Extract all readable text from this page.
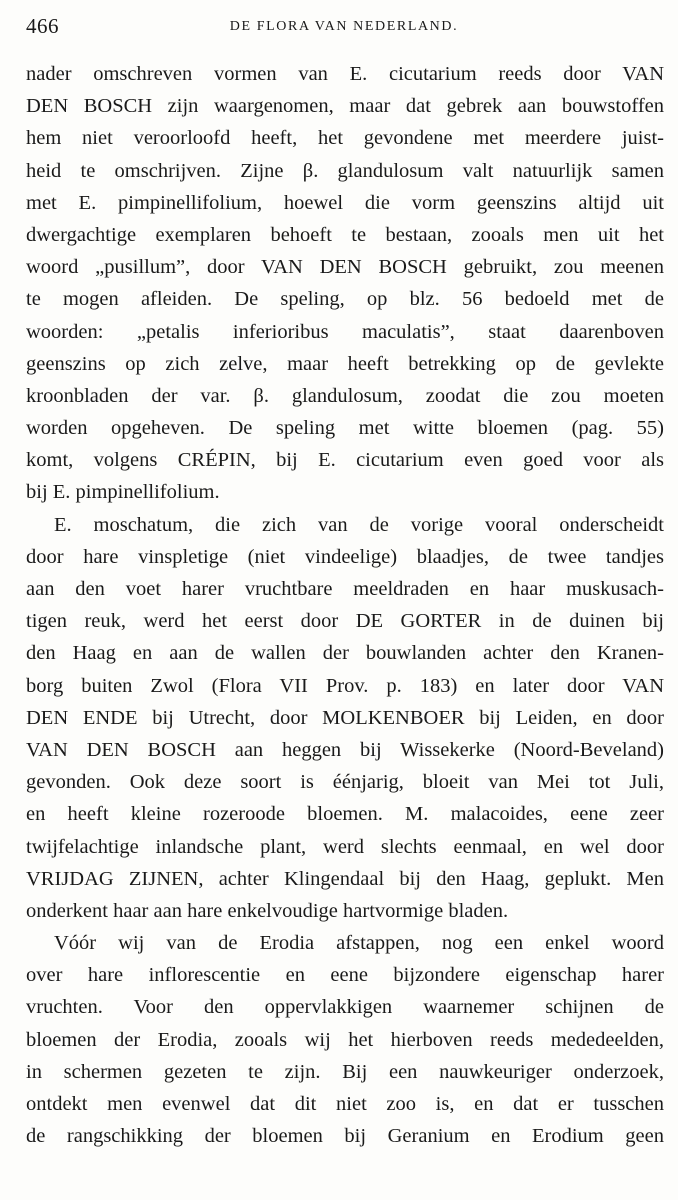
466	DE FLORA VAN NEDERLAND.
nader omschreven vormen van E. cicutarium reeds door VAN
DEN BOSCH zijn waargenomen, maar dat gebrek aan bouwstoffen
hem niet veroorloofd heeft, het gevondene met meerdere juist-
heid te omschrijven. Zijne β. glandulosum valt natuurlijk samen
met E. pimpinellifolium, hoewel die vorm geenszins altijd uit
dwergachtige exemplaren behoeft te bestaan, zooals men uit het
woord „pusillum”, door VAN DEN BOSCH gebruikt, zou meenen
te mogen afleiden. De speling, op blz. 56 bedoeld met de
woorden: „petalis inferioribus maculatis”, staat daarenboven
geenszins op zich zelve, maar heeft betrekking op de gevlekte
kroonbladen der var. β. glandulosum, zoodat die zou moeten
worden opgeheven. De speling met witte bloemen (pag. 55)
komt, volgens CRÉPIN, bij E. cicutarium even goed voor als
bij E. pimpinellifolium.
E. moschatum, die zich van de vorige vooral onderscheidt
door hare vinspletige (niet vindeelige) blaadjes, de twee tandjes
aan den voet harer vruchtbare meeldraden en haar muskusach-
tigen reuk, werd het eerst door DE GORTER in de duinen bij
den Haag en aan de wallen der bouwlanden achter den Kranen-
borg buiten Zwol (Flora VII Prov. p. 183) en later door VAN
DEN ENDE bij Utrecht, door MOLKENBOER bij Leiden, en door
VAN DEN BOSCH aan heggen bij Wissekerke (Noord-Beveland)
gevonden. Ook deze soort is éénjarig, bloeit van Mei tot Juli,
en heeft kleine rozeroode bloemen. M. malacoides, eene zeer
twijfelachtige inlandsche plant, werd slechts eenmaal, en wel door
VRIJDAG ZIJNEN, achter Klingendaal bij den Haag, geplukt. Men
onderkent haar aan hare enkelvoudige hartvormige bladen.
Vóór wij van de Erodia afstappen, nog een enkel woord
over hare inflorescentie en eene bijzondere eigenschap harer
vruchten. Voor den oppervlakkigen waarnemer schijnen de
bloemen der Erodia, zooals wij het hierboven reeds mededeelden,
in schermen gezeten te zijn. Bij een nauwkeuriger onderzoek,
ontdekt men evenwel dat dit niet zoo is, en dat er tusschen
de rangschikking der bloemen bij Geranium en Erodium geen
